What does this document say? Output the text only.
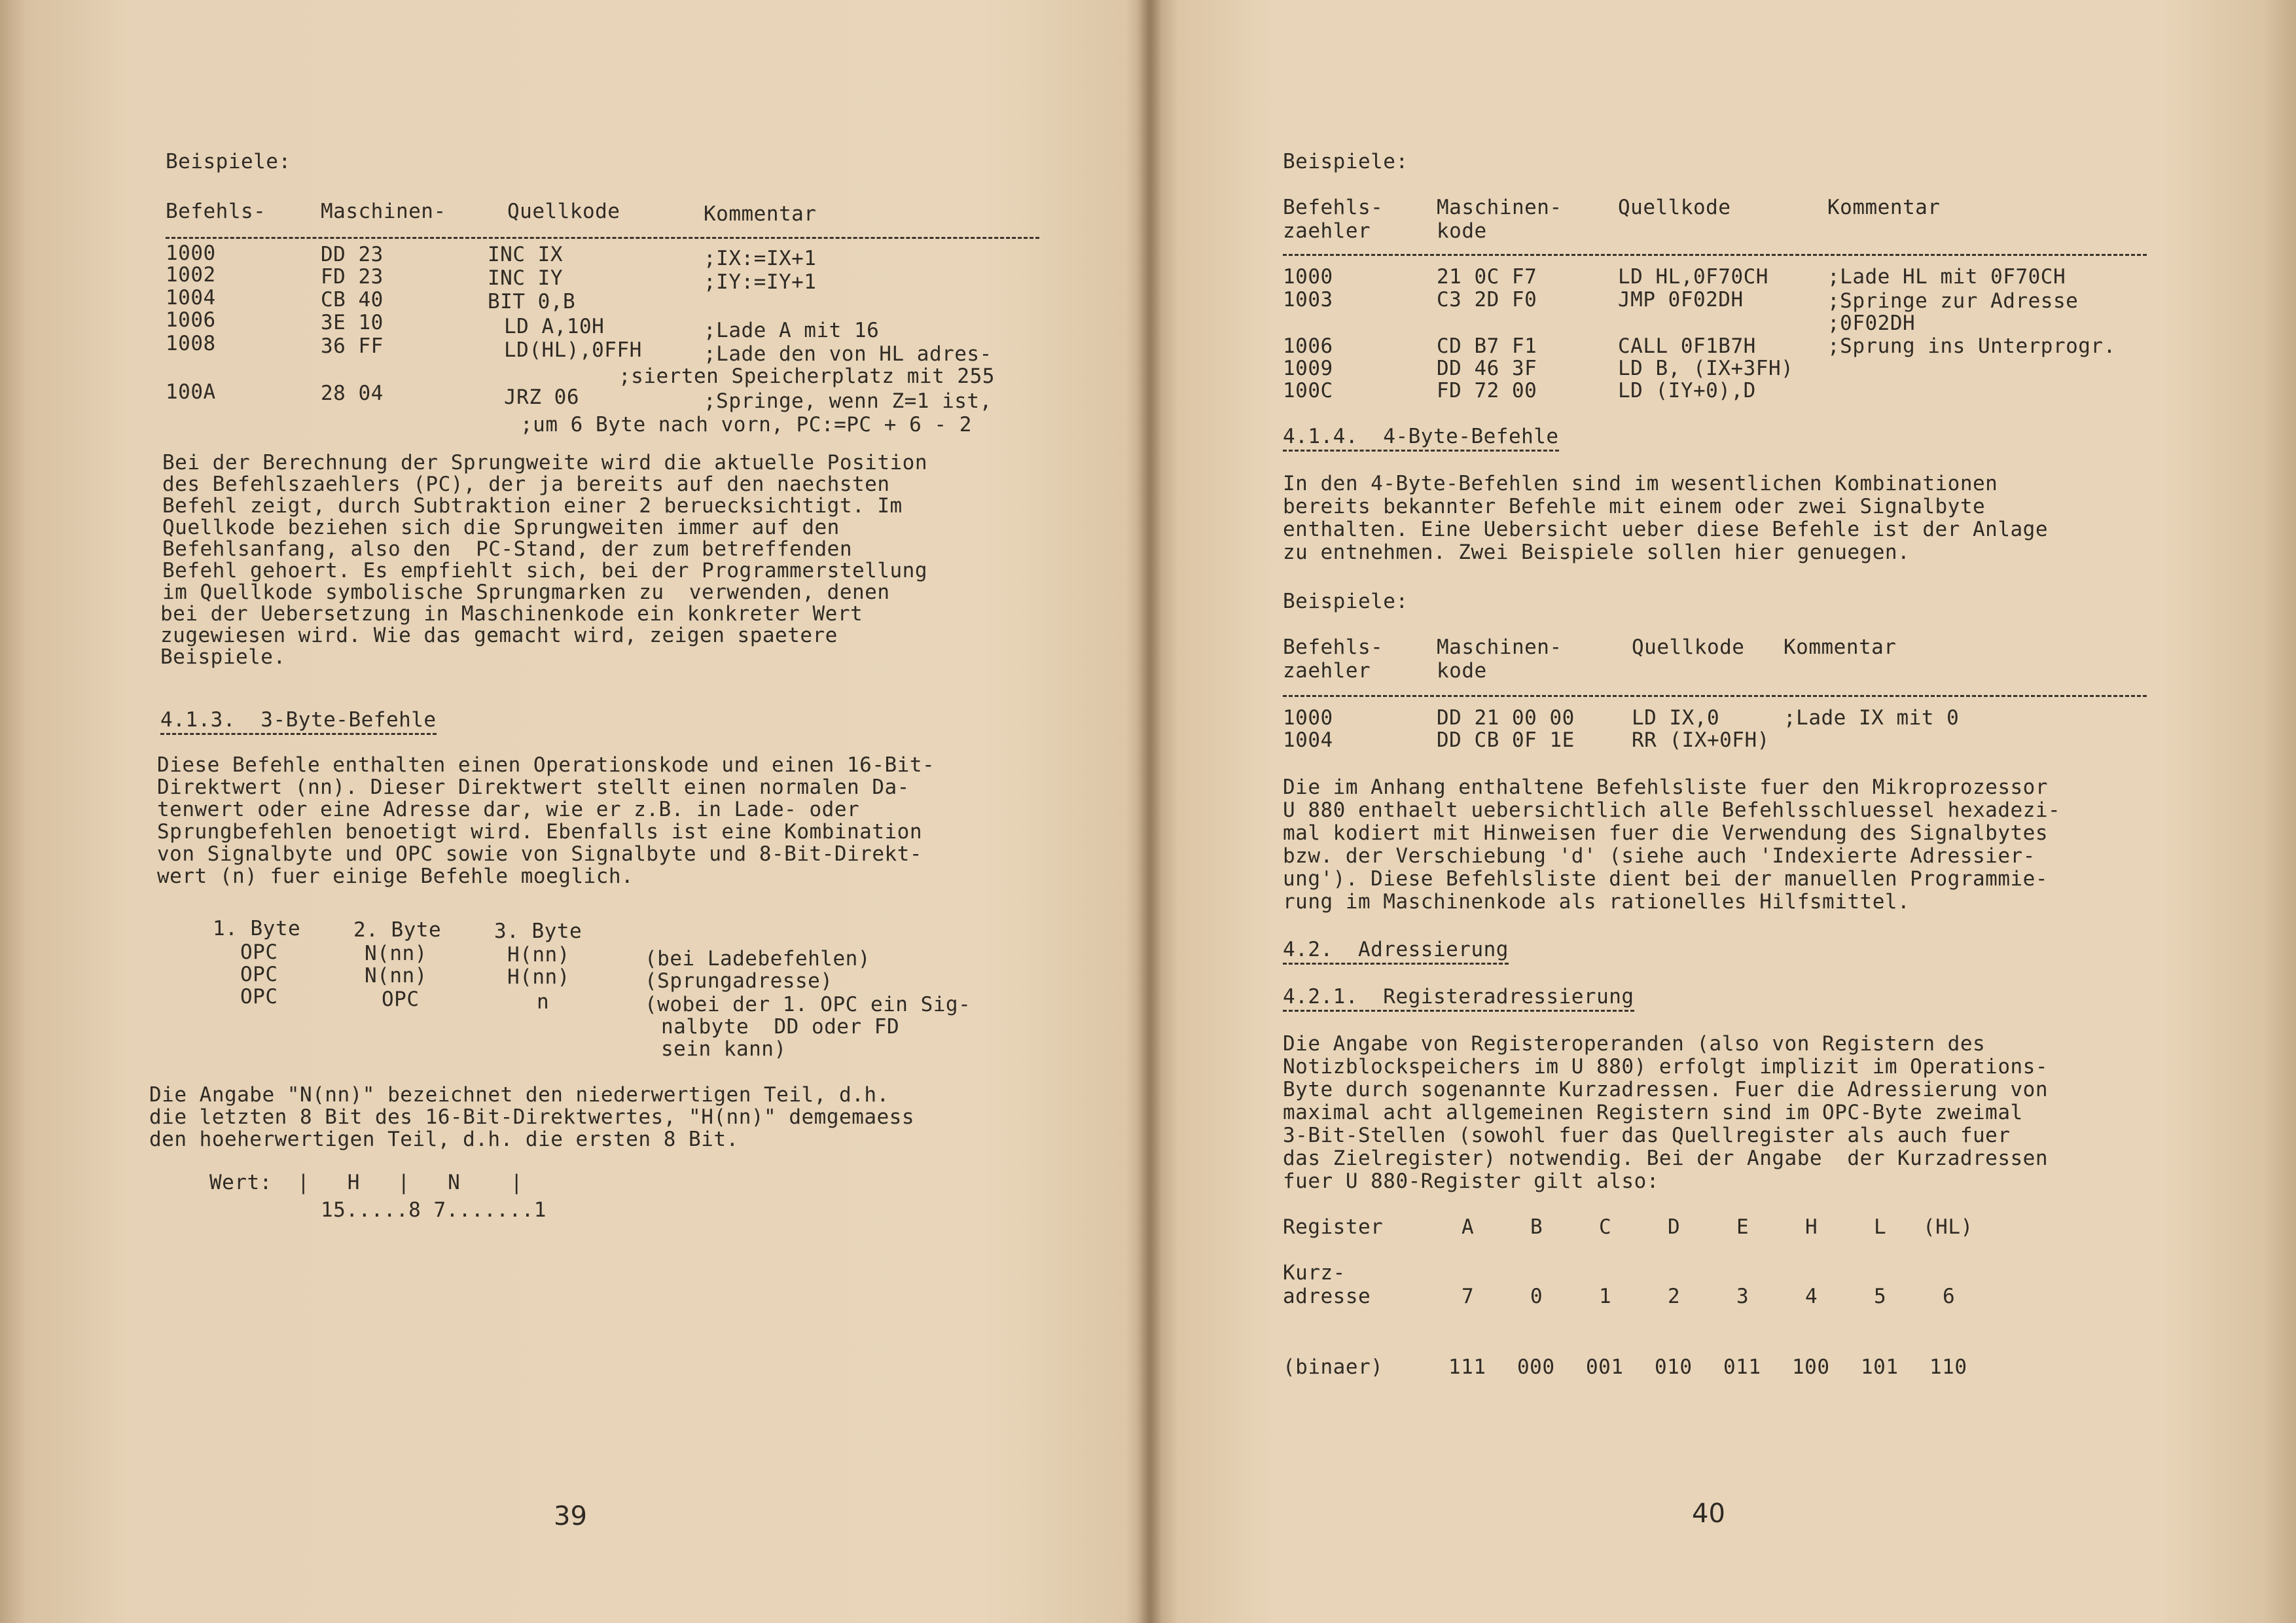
Beispiele:
Befehls-	Maschinen-	Quellkode	Kommentar
1000	DD 23	INC IX	;IX:=IX+1
1002	FD 23	INC IY	;IY:=IY+1
1004	CB 40	BIT 0,B
1006	3E 10	LD A,10H	;Lade A mit 16
1008	36 FF	LD(HL),0FFH	;Lade den von HL adres-
;sierten Speicherplatz mit 255
100A	28 04	JRZ 06	;Springe, wenn Z=1 ist,
;um 6 Byte nach vorn, PC:=PC + 6 - 2
Bei der Berechnung der Sprungweite wird die aktuelle Position
des Befehlszaehlers (PC), der ja bereits auf den naechsten
Befehl zeigt, durch Subtraktion einer 2 beruecksichtigt. Im
Quellkode beziehen sich die Sprungweiten immer auf den
Befehlsanfang, also den  PC-Stand, der zum betreffenden
Befehl gehoert. Es empfiehlt sich, bei der Programmerstellung
im Quellkode symbolische Sprungmarken zu  verwenden, denen
bei der Uebersetzung in Maschinenkode ein konkreter Wert
zugewiesen wird. Wie das gemacht wird, zeigen spaetere
Beispiele.
4.1.3.  3-Byte-Befehle
Diese Befehle enthalten einen Operationskode und einen 16-Bit-
Direktwert (nn). Dieser Direktwert stellt einen normalen Da-
tenwert oder eine Adresse dar, wie er z.B. in Lade- oder
Sprungbefehlen benoetigt wird. Ebenfalls ist eine Kombination
von Signalbyte und OPC sowie von Signalbyte und 8-Bit-Direkt-
wert (n) fuer einige Befehle moeglich.
1. Byte	2. Byte	3. Byte
OPC	N(nn)	H(nn)	(bei Ladebefehlen)
OPC	N(nn)	H(nn)	(Sprungadresse)
OPC	OPC	n	(wobei der 1. OPC ein Sig-
nalbyte  DD oder FD
sein kann)
Die Angabe "N(nn)" bezeichnet den niederwertigen Teil, d.h.
die letzten 8 Bit des 16-Bit-Direktwertes, "H(nn)" demgemaess
den hoeherwertigen Teil, d.h. die ersten 8 Bit.
Wert:  |   H   |   N    |
15.....8 7.......1
39
Beispiele:
Befehls-	Maschinen-	Quellkode	Kommentar
zaehler	kode
1000	21 0C F7	LD HL,0F70CH	;Lade HL mit 0F70CH
1003	C3 2D F0	JMP 0F02DH	;Springe zur Adresse
;0F02DH
1006	CD B7 F1	CALL 0F1B7H	;Sprung ins Unterprogr.
1009	DD 46 3F	LD B, (IX+3FH)
100C	FD 72 00	LD (IY+0),D
4.1.4.  4-Byte-Befehle
In den 4-Byte-Befehlen sind im wesentlichen Kombinationen
bereits bekannter Befehle mit einem oder zwei Signalbyte
enthalten. Eine Uebersicht ueber diese Befehle ist der Anlage
zu entnehmen. Zwei Beispiele sollen hier genuegen.
Beispiele:
Befehls-	Maschinen-	Quellkode Kommentar
zaehler	kode
1000	DD 21 00 00	LD IX,0	;Lade IX mit 0
1004	DD CB 0F 1E	RR (IX+0FH)
Die im Anhang enthaltene Befehlsliste fuer den Mikroprozessor
U 880 enthaelt uebersichtlich alle Befehlsschluessel hexadezi-
mal kodiert mit Hinweisen fuer die Verwendung des Signalbytes
bzw. der Verschiebung 'd' (siehe auch 'Indexierte Adressier-
ung'). Diese Befehlsliste dient bei der manuellen Programmie-
rung im Maschinenkode als rationelles Hilfsmittel.
4.2.  Adressierung
4.2.1.  Registeradressierung
Die Angabe von Registeroperanden (also von Registern des
Notizblockspeichers im U 880) erfolgt implizit im Operations-
Byte durch sogenannte Kurzadressen. Fuer die Adressierung von
maximal acht allgemeinen Registern sind im OPC-Byte zweimal
3-Bit-Stellen (sowohl fuer das Quellregister als auch fuer
das Zielregister) notwendig. Bei der Angabe  der Kurzadressen
fuer U 880-Register gilt also:
Register	A	B	C	D	E	H	L (HL)
Kurz-
adresse	7	0	1	2	3	4	5	6
(binaer)	111 000 001 010 011 100 101 110
40
